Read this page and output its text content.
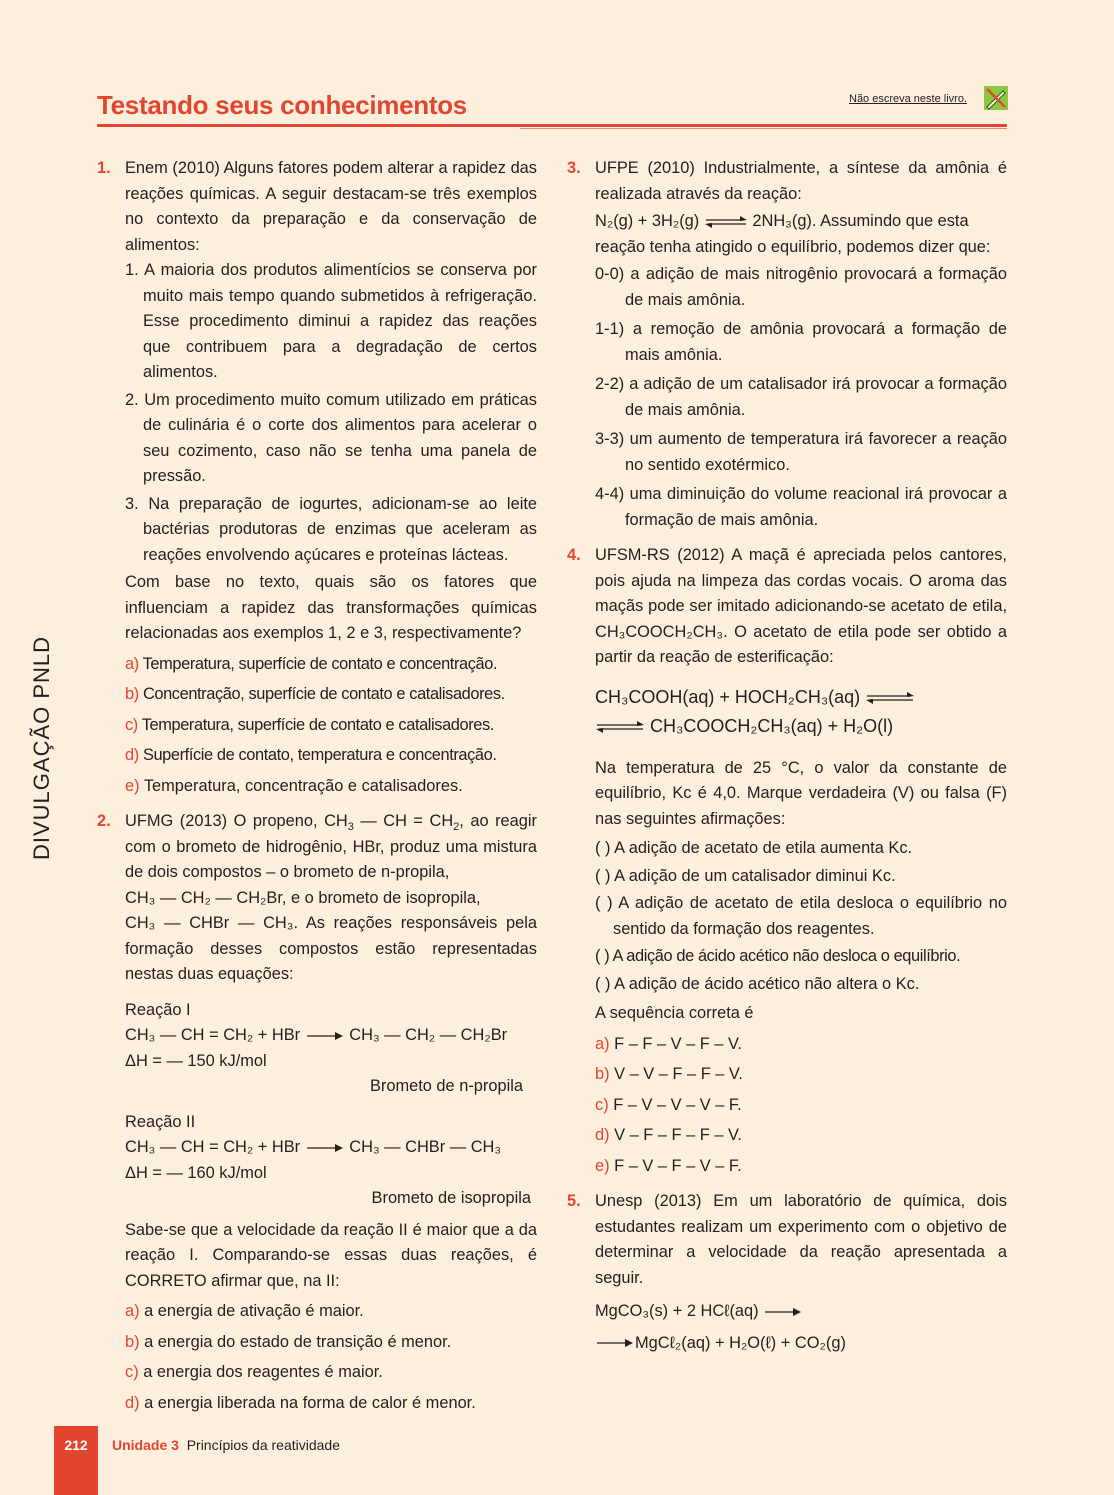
Testando seus conhecimentos	Não escreva neste livro.
DIVULGAÇÃO PNLD
1. Enem (2010) Alguns fatores podem alterar a rapidez das reações químicas. A seguir destacam-se três exemplos no contexto da preparação e da conservação de alimentos:
1. A maioria dos produtos alimentícios se conserva por muito mais tempo quando submetidos à refrigeração. Esse procedimento diminui a rapidez das reações que contribuem para a degradação de certos alimentos.
2. Um procedimento muito comum utilizado em práticas de culinária é o corte dos alimentos para acelerar o seu cozimento, caso não se tenha uma panela de pressão.
3. Na preparação de iogurtes, adicionam-se ao leite bactérias produtoras de enzimas que aceleram as reações envolvendo açúcares e proteínas lácteas.
Com base no texto, quais são os fatores que influenciam a rapidez das transformações químicas relacionadas aos exemplos 1, 2 e 3, respectivamente?
a) Temperatura, superfície de contato e concentração.
b) Concentração, superfície de contato e catalisadores.
c) Temperatura, superfície de contato e catalisadores.
d) Superfície de contato, temperatura e concentração.
e) Temperatura, concentração e catalisadores.
2. UFMG (2013) O propeno, $CH_3$ — CH = $CH_2$, ao reagir com o brometo de hidrogênio, HBr, produz uma mistura de dois compostos – o brometo de n-propila,
CH₃ — CH₂ — CH₂Br, e o brometo de isopropila,
CH₃ — CHBr — CH₃. As reações responsáveis pela formação desses compostos estão representadas nestas duas equações:
Reação I
CH₃ — CH = CH₂ + HBr	CH₃ — CH₂ — CH₂Br
ΔH = — 150 kJ/mol
Brometo de n-propila
Reação II
CH₃ — CH = CH₂ + HBr	CH₃ — CHBr — CH₃
ΔH = — 160 kJ/mol
Brometo de isopropila
Sabe-se que a velocidade da reação II é maior que a da reação I. Comparando-se essas duas reações, é CORRETO afirmar que, na II:
a) a energia de ativação é maior.
b) a energia do estado de transição é menor.
c) a energia dos reagentes é maior.
d) a energia liberada na forma de calor é menor.
3. UFPE (2010) Industrialmente, a síntese da amônia é realizada através da reação:
N₂(g) + 3H₂(g) ⇌ 2NH₃(g). Assumindo que esta
reação tenha atingido o equilíbrio, podemos dizer que:
0-0) a adição de mais nitrogênio provocará a formação de mais amônia.
1-1) a remoção de amônia provocará a formação de mais amônia.
2-2) a adição de um catalisador irá provocar a formação de mais amônia.
3-3) um aumento de temperatura irá favorecer a reação no sentido exotérmico.
4-4) uma diminuição do volume reacional irá provocar a formação de mais amônia.
4. UFSM-RS (2012) A maçã é apreciada pelos cantores, pois ajuda na limpeza das cordas vocais. O aroma das maçãs pode ser imitado adicionando-se acetato de etila, CH₃COOCH₂CH₃. O acetato de etila pode ser obtido a partir da reação de esterificação:
CH₃COOH(aq) + HOCH₂CH₃(aq) ⇌
⇌ CH₃COOCH₂CH₃(aq) + H₂O(l)
Na temperatura de 25 °C, o valor da constante de equilíbrio, Kc é 4,0. Marque verdadeira (V) ou falsa (F) nas seguintes afirmações:
( ) A adição de acetato de etila aumenta Kc.
( ) A adição de um catalisador diminui Kc.
( ) A adição de acetato de etila desloca o equilíbrio no sentido da formação dos reagentes.
( ) A adição de ácido acético não desloca o equilíbrio.
( ) A adição de ácido acético não altera o Kc.
A sequência correta é
a) F – F – V – F – V.
b) V – V – F – F – V.
c) F – V – V – V – F.
d) V – F – F – F – V.
e) F – V – F – V – F.
5. Unesp (2013) Em um laboratório de química, dois estudantes realizam um experimento com o objetivo de determinar a velocidade da reação apresentada a seguir.
MgCO₃(s) + 2 HCℓ(aq)
MgCℓ₂(aq) + H₂O(ℓ) + CO₂(g)
212	Unidade 3 Princípios da reatividade
